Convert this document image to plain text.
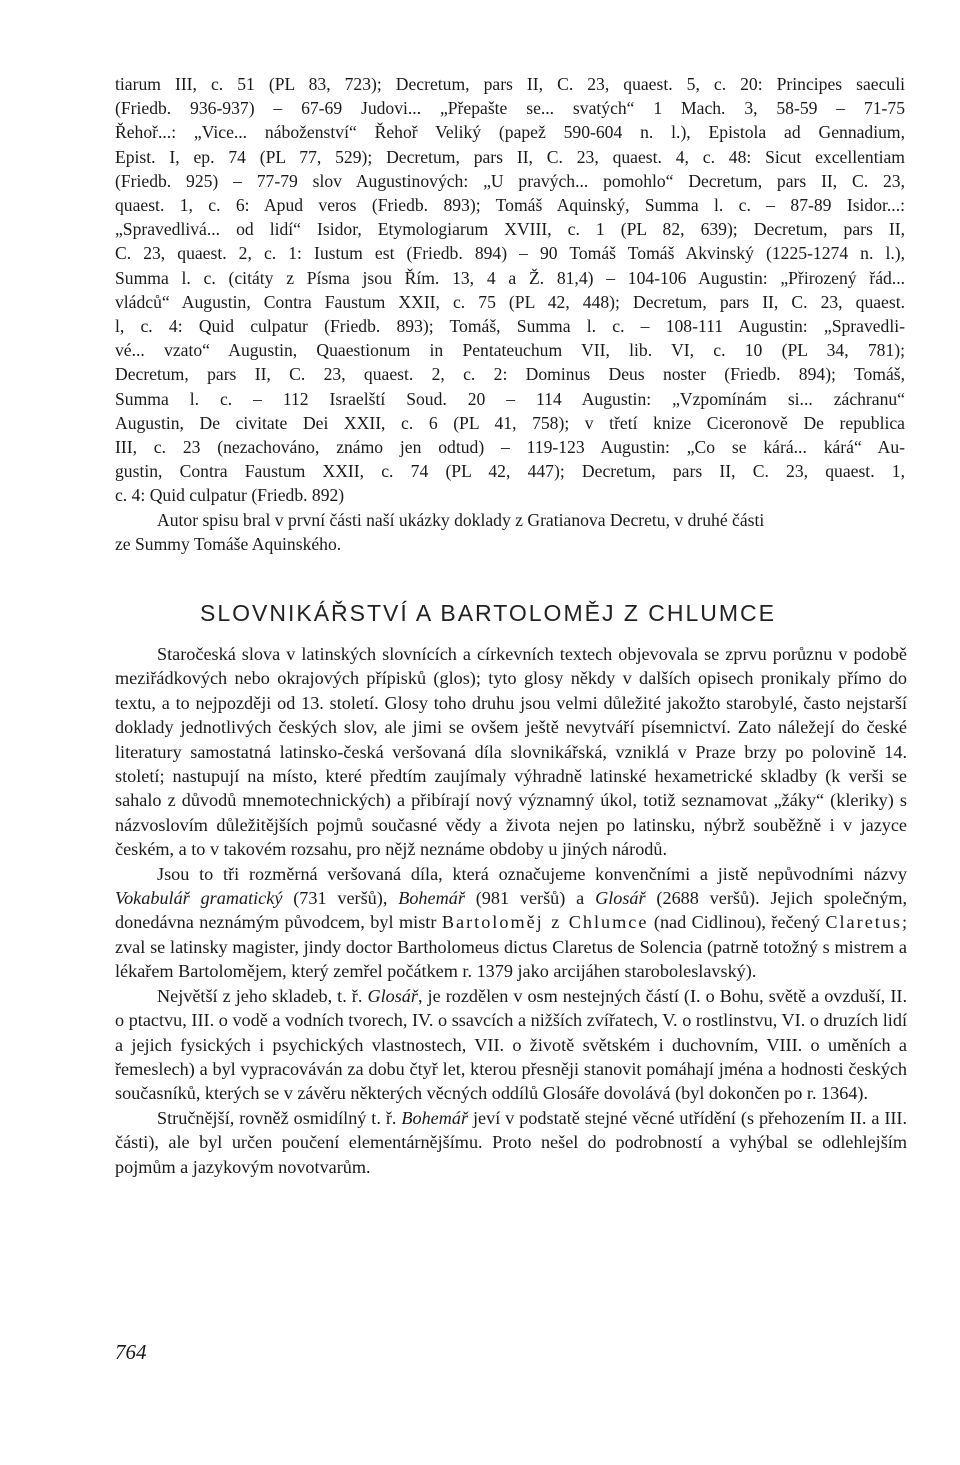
tiarum III, c. 51 (PL 83, 723); Decretum, pars II, C. 23, quaest. 5, c. 20: Principes saeculi
(Friedb. 936-937) – 67-69 Judovi... „Přepašte se... svatých“ 1 Mach. 3, 58-59 – 71-75
Řehoř...: „Vice... náboženství“ Řehoř Veliký (papež 590-604 n. l.), Epistola ad Gennadium,
Epist. I, ep. 74 (PL 77, 529); Decretum, pars II, C. 23, quaest. 4, c. 48: Sicut excellentiam
(Friedb. 925) – 77-79 slov Augustinových: „U pravých... pomohlo“ Decretum, pars II, C. 23,
quaest. 1, c. 6: Apud veros (Friedb. 893); Tomáš Aquinský, Summa l. c. – 87-89 Isidor...:
„Spravedlivá... od lidí“ Isidor, Etymologiarum XVIII, c. 1 (PL 82, 639); Decretum, pars II,
C. 23, quaest. 2, c. 1: Iustum est (Friedb. 894) – 90 Tomáš Tomáš Akvinský (1225-1274 n. l.),
Summa l. c. (citáty z Písma jsou Řím. 13, 4 a Ž. 81,4) – 104-106 Augustin: „Přirozený řád...
vládců“ Augustin, Contra Faustum XXII, c. 75 (PL 42, 448); Decretum, pars II, C. 23, quaest.
l, c. 4: Quid culpatur (Friedb. 893); Tomáš, Summa l. c. – 108-111 Augustin: „Spravedli-
vé... vzato“ Augustin, Quaestionum in Pentateuchum VII, lib. VI, c. 10 (PL 34, 781);
Decretum, pars II, C. 23, quaest. 2, c. 2: Dominus Deus noster (Friedb. 894); Tomáš,
Summa l. c. – 112 Israelští Soud. 20 – 114 Augustin: „Vzpomínám si... záchranu“
Augustin, De civitate Dei XXII, c. 6 (PL 41, 758); v třetí knize Ciceronově De republica
III, c. 23 (nezachováno, známo jen odtud) – 119-123 Augustin: „Co se kárá... kárá“ Au-
gustin, Contra Faustum XXII, c. 74 (PL 42, 447); Decretum, pars II, C. 23, quaest. 1,
c. 4: Quid culpatur (Friedb. 892)
Autor spisu bral v první části naší ukázky doklady z Gratianova Decretu, v druhé části
ze Summy Tomáše Aquinského.
SLOVNIKÁŘSTVÍ A BARTOLOMĚJ Z CHLUMCE

Staročeská slova v latinských slovnících a církevních textech objevovala se zprvu porůznu v podobě meziřádkových nebo okrajových přípisků (glos); tyto glosy někdy v dalších opisech pronikaly přímo do textu, a to nejpozději od 13. století. Glosy toho druhu jsou velmi důležité jakožto starobylé, často nejstarší doklady jednotlivých českých slov, ale jimi se ovšem ještě nevytváří písemnictví. Zato náležejí do české literatury samostatná latinsko-česká veršovaná díla slovnikářská, vzniklá v Praze brzy po polovině 14. století; nastupují na místo, které předtím zaujímaly výhradně latinské hexametrické skladby (k verši se sahalo z důvodů mnemotechnických) a přibírají nový významný úkol, totiž seznamovat „žáky“ (kleriky) s názvoslovím důležitějších pojmů současné vědy a života nejen po latinsku, nýbrž souběžně i v jazyce českém, a to v takovém rozsahu, pro nějž neznáme obdoby u jiných národů.

Jsou to tři rozměrná veršovaná díla, která označujeme konvenčními a jistě nepůvodními názvy Vokabulář gramatický (731 veršů), Bohemář (981 veršů) a Glosář (2688 veršů). Jejich společným, donedávna neznámým původcem, byl mistr Bartoloměj z Chlumce (nad Cidlinou), řečený Claretus; zval se latinsky magister, jindy doctor Bartholomeus dictus Claretus de Solencia (patrně totožný s mistrem a lékařem Bartolomějem, který zemřel počátkem r. 1379 jako arcijáhen staroboleslavský).

Největší z jeho skladeb, t. ř. Glosář, je rozdělen v osm nestejných částí (I. o Bohu, světě a ovzduší, II. o ptactvu, III. o vodě a vodních tvorech, IV. o ssavcích a nižších zvířatech, V. o rostlinstvu, VI. o druzích lidí a jejich fysických i psychických vlastnostech, VII. o životě světském i duchovním, VIII. o uměních a řemeslech) a byl vypracováván za dobu čtyř let, kterou přesněji stanovit pomáhají jména a hodnosti českých současníků, kterých se v závěru některých věcných oddílů Glosáře dovolává (byl dokončen po r. 1364).

Stručnější, rovněž osmidílný t. ř. Bohemář jeví v podstatě stejné věcné utřídění (s přehozením II. a III. části), ale byl určen poučení elementárnějšímu. Proto nešel do podrobností a vyhýbal se odlehlejším pojmům a jazykovým novotvarům.

764
